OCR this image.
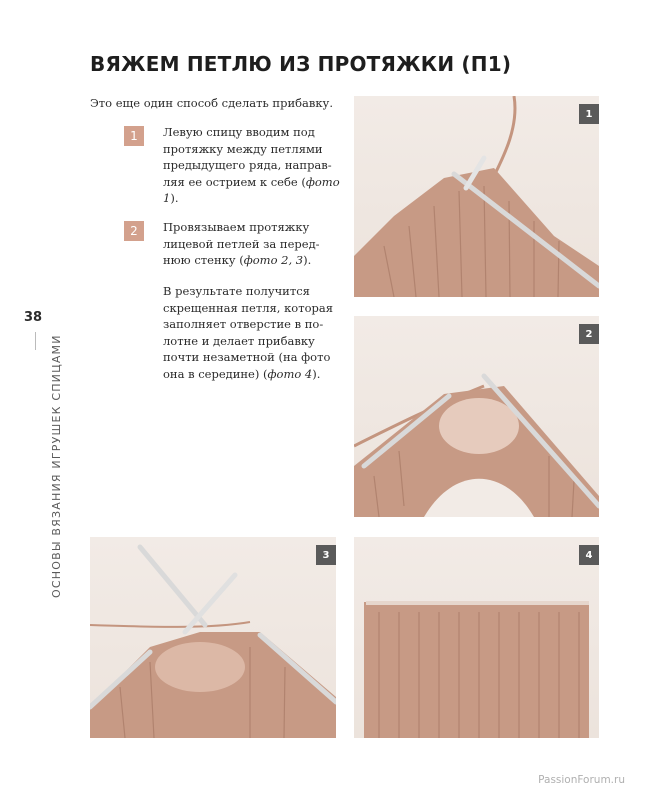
ВЯЖЕМ ПЕТЛЮ ИЗ ПРОТЯЖКИ (П1)
Это еще один способ сделать прибавку.
1	Левую спицу вводим под протяжку между петлями предыдущего ряда, направ-ляя ее острием к себе (фото 1).
2	Провязываем протяжку лицевой петлей за перед-нюю стенку (фото 2, 3).
В результате получится скрещенная петля, которая заполняет отверстие в по-лотне и делает прибавку почти незаметной (на фото она в середине) (фото 4).
38
ОСНОВЫ ВЯЗАНИЯ ИГРУШЕК СПИЦАМИ
1
2
3	4
PassionForum.ru
